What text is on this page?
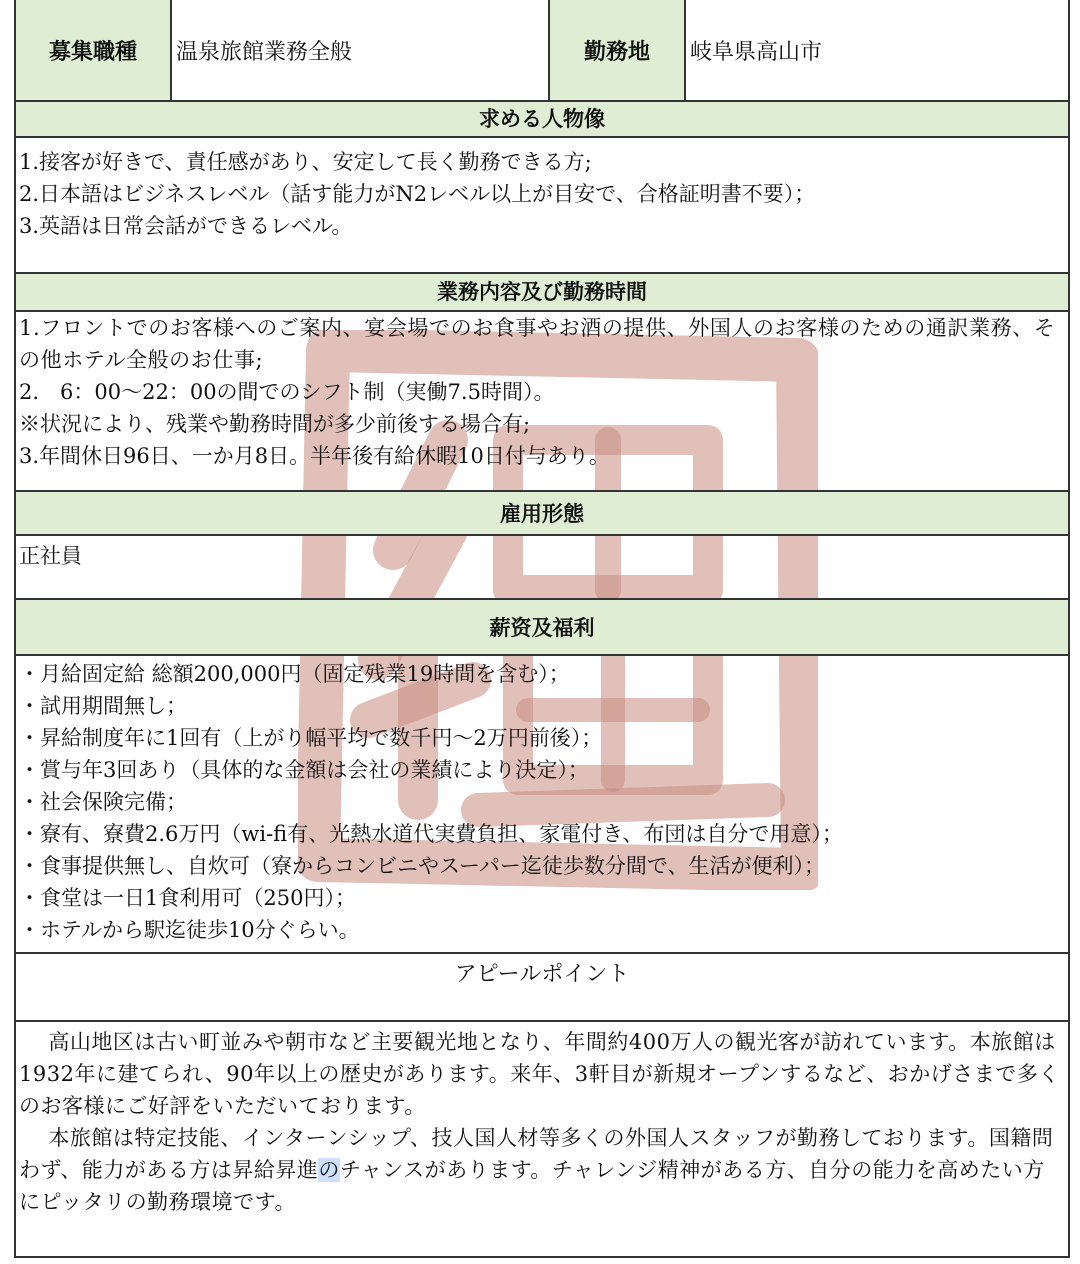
募集職種	温泉旅館業務全般	勤務地	岐阜県高山市
求める人物像
1.接客が好きで、責任感があり、安定して長く勤務できる方;
2.日本語はビジネスレベル（話す能力がN2レベル以上が目安で、合格証明書不要）；
3.英語は日常会話ができるレベル。
業務内容及び勤務時間
1.フロントでのお客様へのご案内、宴会場でのお食事やお酒の提供、外国人のお客様のための通訳業務、その他ホテル全般のお仕事;
2.　6：00～22：00の間でのシフト制（実働7.5時間）。
※状況により、残業や勤務時間が多少前後する場合有;
3.年間休日96日、一か月8日。半年後有給休暇10日付与あり。
雇用形態
正社員
薪资及福利
・月給固定給 総額200,000円（固定残業19時間を含む）；
・試用期間無し；
・昇給制度年に1回有（上がり幅平均で数千円～2万円前後）；
・賞与年3回あり（具体的な金額は会社の業績により決定）；
・社会保険完備；
・寮有、寮費2.6万円（wi-fi有、光熱水道代実費負担、家電付き、布団は自分で用意）；
・食事提供無し、自炊可（寮からコンビニやスーパー迄徒歩数分間で、生活が便利）；
・食堂は一日1食利用可（250円）；
・ホテルから駅迄徒歩10分ぐらい。
アピールポイント
高山地区は古い町並みや朝市など主要観光地となり、年間約400万人の観光客が訪れています。本旅館は1932年に建てられ、90年以上の歴史があります。来年、3軒目が新規オープンするなど、おかげさまで多くのお客様にご好評をいただいております。
本旅館は特定技能、インターンシップ、技人国人材等多くの外国人スタッフが勤務しております。国籍問わず、能力がある方は昇給昇進のチャンスがあります。チャレンジ精神がある方、自分の能力を高めたい方にピッタリの勤務環境です。
